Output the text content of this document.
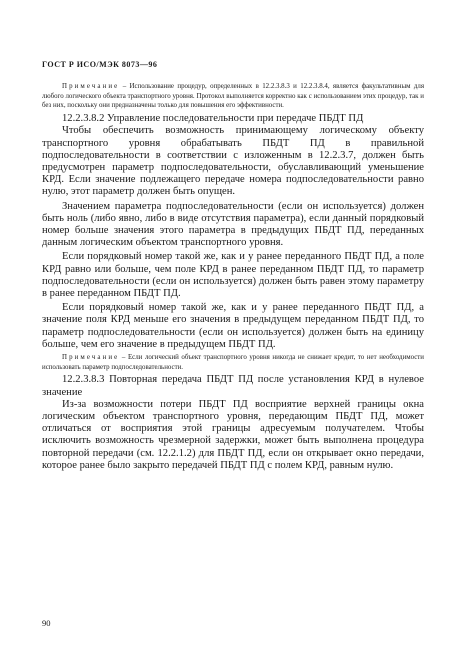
ГОСТ Р ИСО/МЭК 8073—96

Примечание – Использование процедур, определенных в 12.2.3.8.3 и 12.2.3.8.4, является факультативным для любого логического объекта транспортного уровня. Протокол выполняется корректно как с использованием этих процедур, так и без них, поскольку они предназначены только для повышения его эффективности.

12.2.3.8.2 Управление последовательности при передаче ПБДТ ПД

Чтобы обеспечить возможность принимающему логическому объекту транспортного уровня обрабатывать ПБДТ ПД в правильной подпоследовательности в соответствии с изложенным в 12.2.3.7, должен быть предусмотрен параметр подпоследовательности, обуславливающий уменьшение КРД. Если значение подлежащего передаче номера подпоследовательности равно нулю, этот параметр должен быть опущен.

Значением параметра подпоследовательности (если он используется) должен быть ноль (либо явно, либо в виде отсутствия параметра), если данный порядковый номер больше значения этого параметра в предыдущих ПБДТ ПД, переданных данным логическим объектом транспортного уровня.

Если порядковый номер такой же, как и у ранее переданного ПБДТ ПД, а поле КРД равно или больше, чем поле КРД в ранее переданном ПБДТ ПД, то параметр подпоследовательности (если он используется) должен быть равен этому параметру в ранее переданном ПБДТ ПД.

Если порядковый номер такой же, как и у ранее переданного ПБДТ ПД, а значение поля КРД меньше его значения в предыдущем переданном ПБДТ ПД, то параметр подпоследовательности (если он используется) должен быть на единицу больше, чем его значение в предыдущем ПБДТ ПД.

Примечание – Если логический объект транспортного уровня никогда не снижает кредит, то нет необходимости использовать параметр подпоследовательности.

12.2.3.8.3 Повторная передача ПБДТ ПД после установления КРД в нулевое значение

Из-за возможности потери ПБДТ ПД восприятие верхней границы окна логическим объектом транспортного уровня, передающим ПБДТ ПД, может отличаться от восприятия этой границы адресуемым получателем. Чтобы исключить возможность чрезмерной задержки, может быть выполнена процедура повторной передачи (см. 12.2.1.2) для ПБДТ ПД, если он открывает окно передачи, которое ранее было закрыто передачей ПБДТ ПД с полем КРД, равным нулю.

90
